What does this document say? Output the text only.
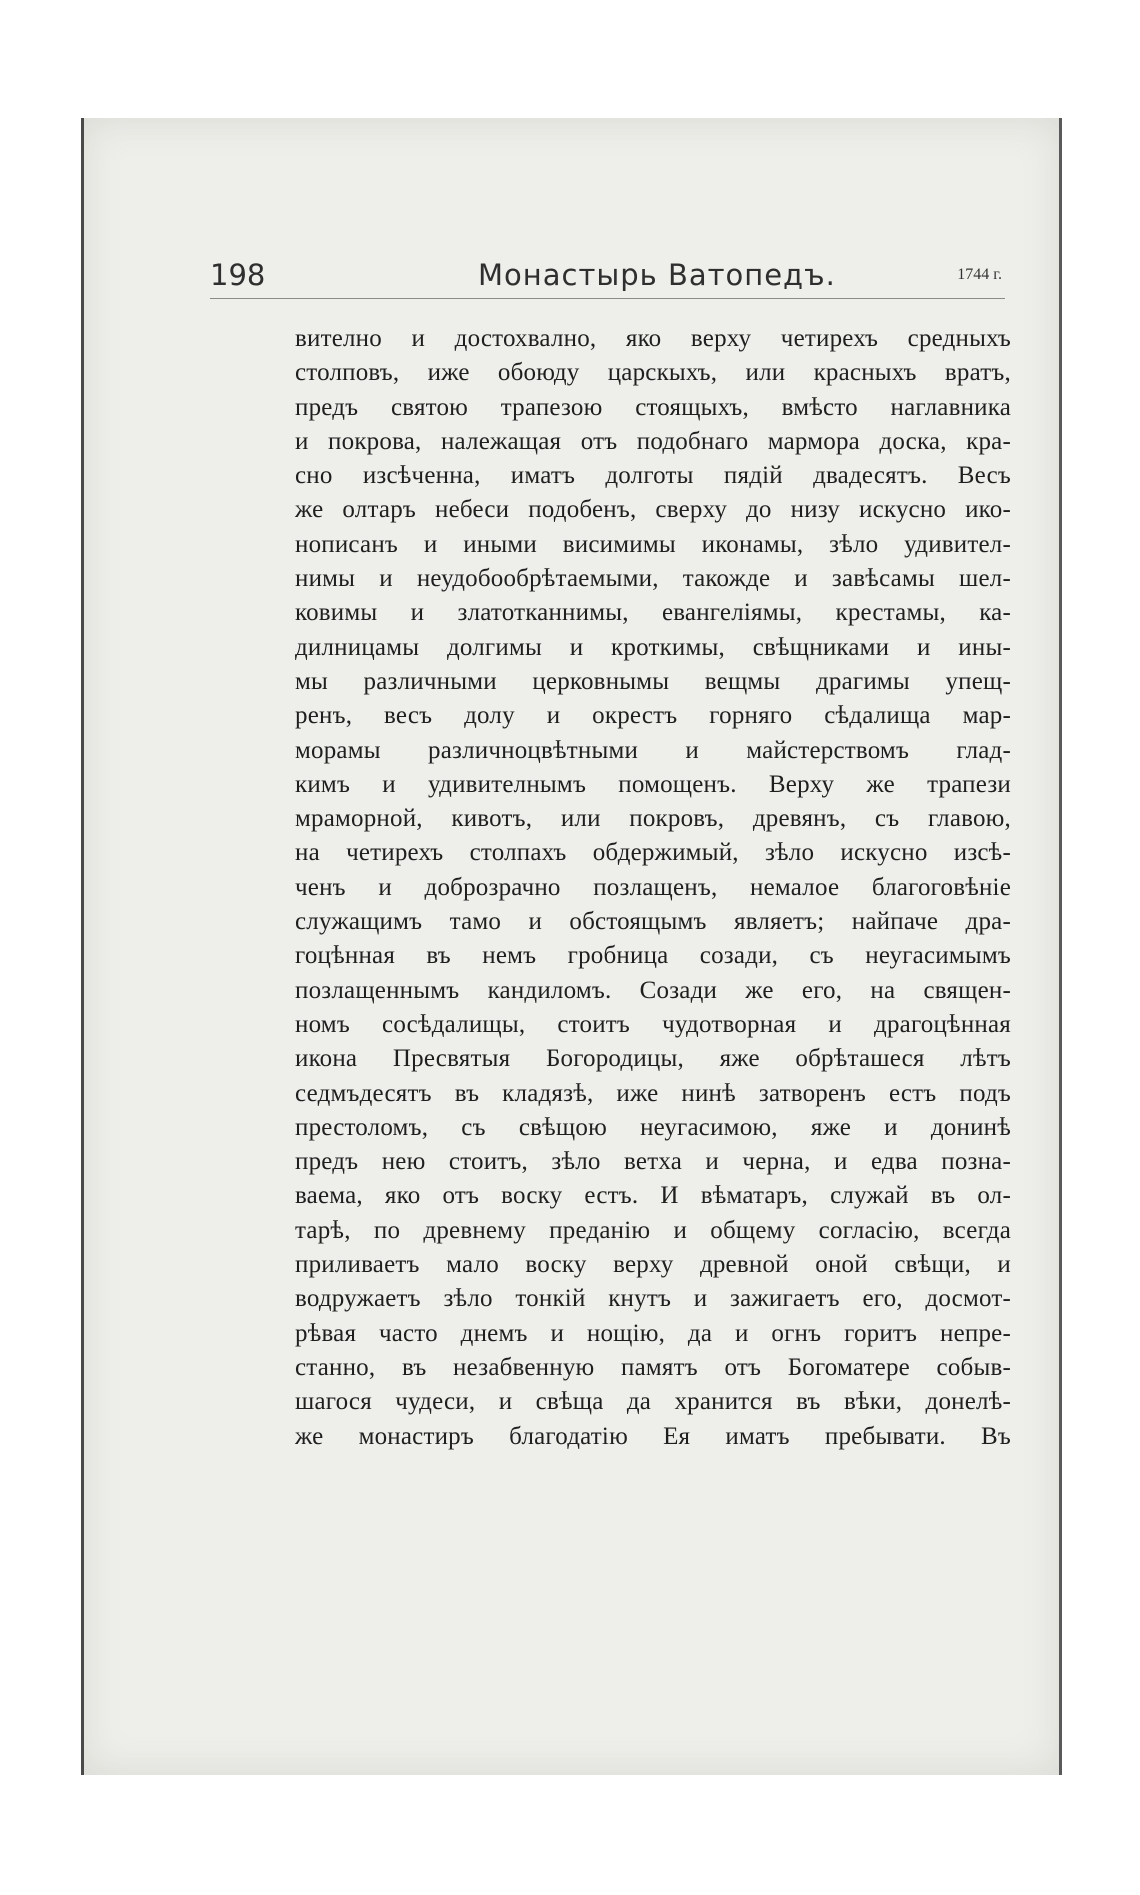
198	Монастырь Ватопедъ.	1744 г.
вително и достохвално, яко верху четирехъ средныхъ
столповъ, иже обоюду царскыхъ, или красныхъ вратъ,
предъ святою трапезою стоящыхъ, вмѣсто наглавника
и покрова, належащая отъ подобнаго мармора доска, кра-
сно изсѣченна, иматъ долготы пядій двадесятъ. Весъ
же олтаръ небеси подобенъ, сверху до низу искусно ико-
нописанъ и иными висимимы иконамы, зѣло удивител-
нимы и неудобообрѣтаемыми, такожде и завѣсамы шел-
ковимы и златотканнимы, евангеліямы, крестамы, ка-
дилницамы долгимы и кроткимы, свѣщниками и ины-
мы различными церковнымы вещмы драгимы упещ-
ренъ, весъ долу и окрестъ горняго сѣдалища мар-
морамы различноцвѣтными и майстерствомъ глад-
кимъ и удивителнымъ помощенъ. Верху же трапези
мраморной, кивотъ, или покровъ, древянъ, съ главою,
на четирехъ столпахъ обдержимый, зѣло искусно изсѣ-
ченъ и доброзрачно позлащенъ, немалое благоговѣніе
служащимъ тамо и обстоящымъ являетъ; найпаче дра-
гоцѣнная въ немъ гробница созади, съ неугасимымъ
позлащеннымъ кандиломъ. Созади же его, на священ-
номъ сосѣдалищы, стоитъ чудотворная и драгоцѣнная
икона Пресвятыя Богородицы, яже обрѣташеся лѣтъ
седмъдесятъ въ кладязѣ, иже нинѣ затворенъ естъ подъ
престоломъ, съ свѣщою неугасимою, яже и донинѣ
предъ нею стоитъ, зѣло ветха и черна, и едва позна-
ваема, яко отъ воску естъ. И вѣматаръ, служай въ ол-
тарѣ, по древнему преданію и общему согласію, всегда
приливаетъ мало воску верху древной оной свѣщи, и
водружаетъ зѣло тонкій кнутъ и зажигаетъ его, досмот-
рѣвая часто днемъ и нощію, да и огнъ горитъ непре-
станно, въ незабвенную памятъ отъ Богоматере собыв-
шагося чудеси, и свѣща да хранится въ вѣки, донелѣ-
же монастиръ благодатію Ея иматъ пребывати. Въ
